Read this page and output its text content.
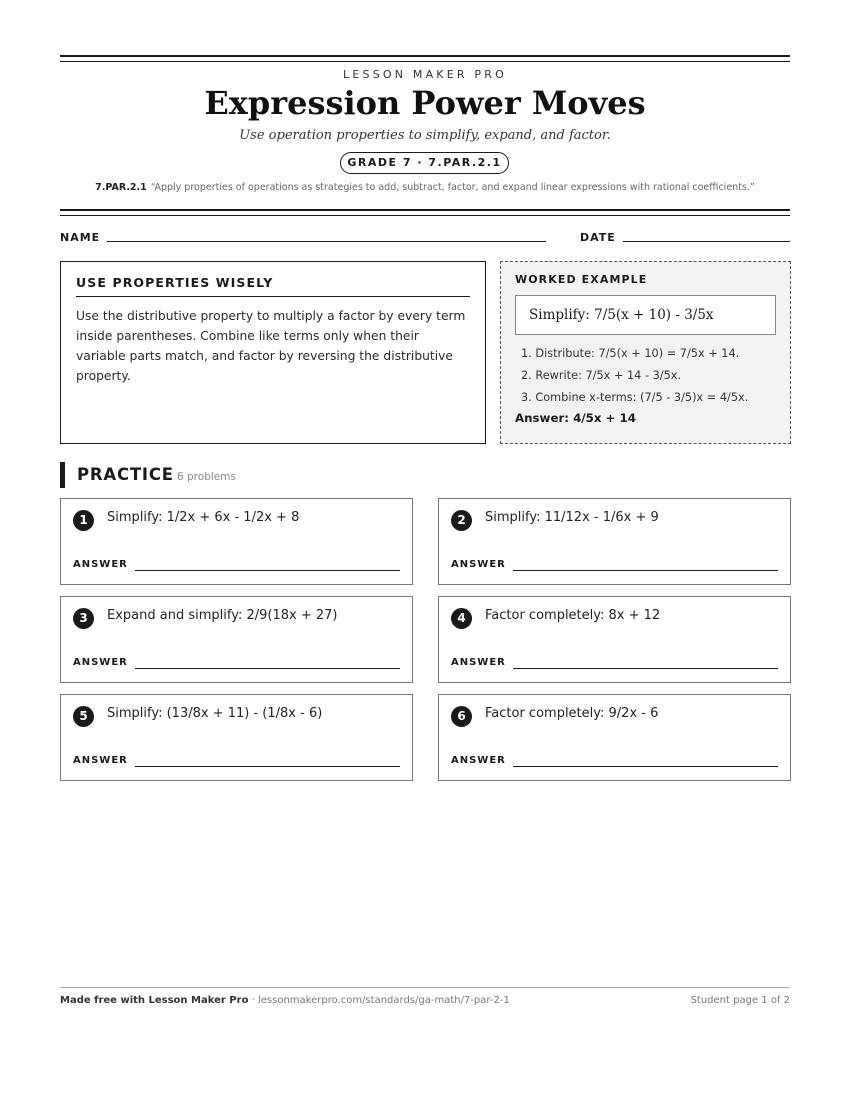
LESSON MAKER PRO
Expression Power Moves
Use operation properties to simplify, expand, and factor.
GRADE 7 · 7.PAR.2.1
7.PAR.2.1 “Apply properties of operations as strategies to add, subtract, factor, and expand linear expressions with rational coefficients.”
NAME	DATE
USE PROPERTIES WISELY

Use the distributive property to multiply a factor by every term inside parentheses. Combine like terms only when their variable parts match, and factor by reversing the distributive property.

WORKED EXAMPLE
Simplify: 7/5(x + 10) - 3/5x
1. Distribute: 7/5(x + 10) = 7/5x + 14.
2. Rewrite: 7/5x + 14 - 3/5x.
3. Combine x-terms: (7/5 - 3/5)x = 4/5x.
Answer: 4/5x + 14
PRACTICE 6 problems
1	Simplify: 1/2x + 6x - 1/2x + 8
ANSWER
2	Simplify: 11/12x - 1/6x + 9
ANSWER
3	Expand and simplify: 2/9(18x + 27)
ANSWER
4	Factor completely: 8x + 12
ANSWER
5	Simplify: (13/8x + 11) - (1/8x - 6)
ANSWER
6	Factor completely: 9/2x - 6
ANSWER
Made free with Lesson Maker Pro · lessonmakerpro.com/standards/ga-math/7-par-2-1	Student page 1 of 2
